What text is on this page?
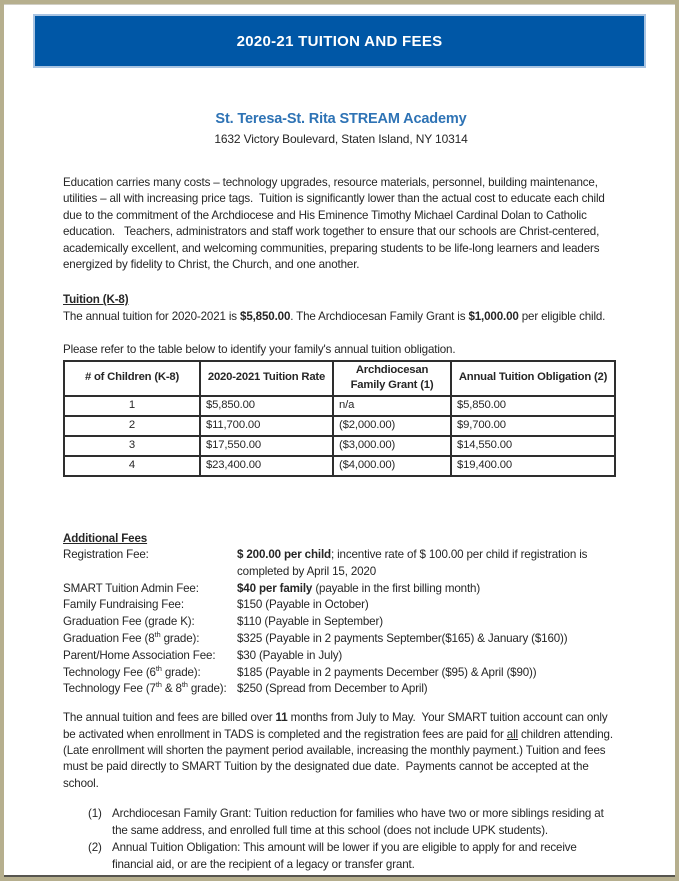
2020-21 TUITION AND FEES
St. Teresa-St. Rita STREAM Academy
1632 Victory Boulevard, Staten Island, NY 10314

Education carries many costs – technology upgrades, resource materials, personnel, building maintenance, utilities – all with increasing price tags.  Tuition is significantly lower than the actual cost to educate each child due to the commitment of the Archdiocese and His Eminence Timothy Michael Cardinal Dolan to Catholic education.   Teachers, administrators and staff work together to ensure that our schools are Christ-centered, academically excellent, and welcoming communities, preparing students to be life-long learners and leaders energized by fidelity to Christ, the Church, and one another.

Tuition (K-8)

The annual tuition for 2020-2021 is $5,850.00. The Archdiocesan Family Grant is $1,000.00 per eligible child.

Please refer to the table below to identify your family's annual tuition obligation.

# of Children (K-8)	2020-2021 Tuition Rate	Archdiocesan Family Grant (1)	Annual Tuition Obligation (2)
1	$5,850.00	n/a	$5,850.00
2	$11,700.00	($2,000.00)	$9,700.00
3	$17,550.00	($3,000.00)	$14,550.00
4	$23,400.00	($4,000.00)	$19,400.00
Additional Fees
Registration Fee:	$ 200.00 per child; incentive rate of $ 100.00 per child if registration is completed by April 15, 2020
SMART Tuition Admin Fee:	$40 per family (payable in the first billing month)
Family Fundraising Fee:	$150 (Payable in October)
Graduation Fee (grade K):	$110 (Payable in September)
Graduation Fee (8th grade):	$325 (Payable in 2 payments September($165) & January ($160))
Parent/Home Association Fee:	$30 (Payable in July)
Technology Fee (6th grade):	$185 (Payable in 2 payments December ($95) & April ($90))
Technology Fee (7th & 8th grade): $250 (Spread from December to April)

The annual tuition and fees are billed over 11 months from July to May.  Your SMART tuition account can only be activated when enrollment in TADS is completed and the registration fees are paid for all children attending. (Late enrollment will shorten the payment period available, increasing the monthly payment.) Tuition and fees must be paid directly to SMART Tuition by the designated due date.  Payments cannot be accepted at the school.

(1) Archdiocesan Family Grant: Tuition reduction for families who have two or more siblings residing at the same address, and enrolled full time at this school (does not include UPK students).
(2) Annual Tuition Obligation: This amount will be lower if you are eligible to apply for and receive financial aid, or are the recipient of a legacy or transfer grant.
